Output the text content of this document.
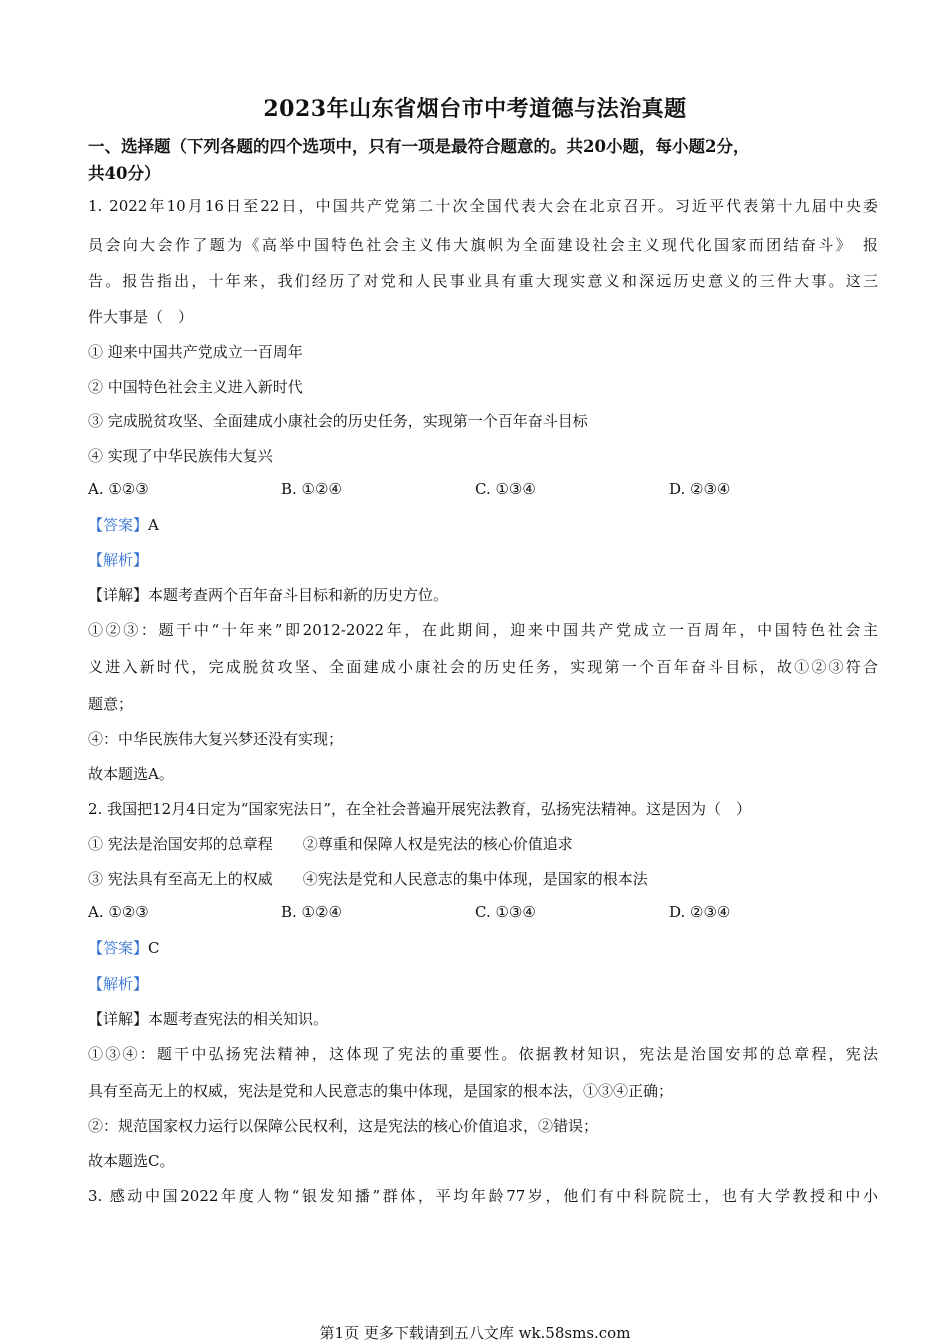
2023年山东省烟台市中考道德与法治真题
一、选择题（下列各题的四个选项中，只有一项是最符合题意的。共20小题，每小题2分，
共40分）
1. 2022年10月16日至22日，中国共产党第二十次全国代表大会在北京召开。习近平代表第十九届中央委
员会向大会作了题为《高举中国特色社会主义伟大旗帜为全面建设社会主义现代化国家而团结奋斗》　报
告。报告指出，十年来，我们经历了对党和人民事业具有重大现实意义和深远历史意义的三件大事。这三
件大事是（　）
① 迎来中国共产党成立一百周年
② 中国特色社会主义进入新时代
③ 完成脱贫攻坚、全面建成小康社会的历史任务，实现第一个百年奋斗目标
④ 实现了中华民族伟大复兴
A. ①②③	B. ①②④	C. ①③④	D. ②③④
【答案】A
【解析】
【详解】本题考查两个百年奋斗目标和新的历史方位。
①②③：题干中“十年来”即2012-2022年，在此期间，迎来中国共产党成立一百周年，中国特色社会主
义进入新时代，完成脱贫攻坚、全面建成小康社会的历史任务，实现第一个百年奋斗目标，故①②③符合
题意；
④：中华民族伟大复兴梦还没有实现；
故本题选A。
2. 我国把12月4日定为“国家宪法日”，在全社会普遍开展宪法教育，弘扬宪法精神。这是因为（　）
① 宪法是治国安邦的总章程　　②尊重和保障人权是宪法的核心价值追求
③ 宪法具有至高无上的权威　　④宪法是党和人民意志的集中体现，是国家的根本法
A. ①②③	B. ①②④	C. ①③④	D. ②③④
【答案】C
【解析】
【详解】本题考查宪法的相关知识。
①③④：题干中弘扬宪法精神，这体现了宪法的重要性。依据教材知识，宪法是治国安邦的总章程，宪法
具有至高无上的权威，宪法是党和人民意志的集中体现，是国家的根本法，①③④正确；
②：规范国家权力运行以保障公民权利，这是宪法的核心价值追求，②错误；
故本题选C。
3. 感动中国2022年度人物“银发知播”群体，平均年龄77岁，他们有中科院院士，也有大学教授和中小
第1页 更多下载请到五八文库 wk.58sms.com
